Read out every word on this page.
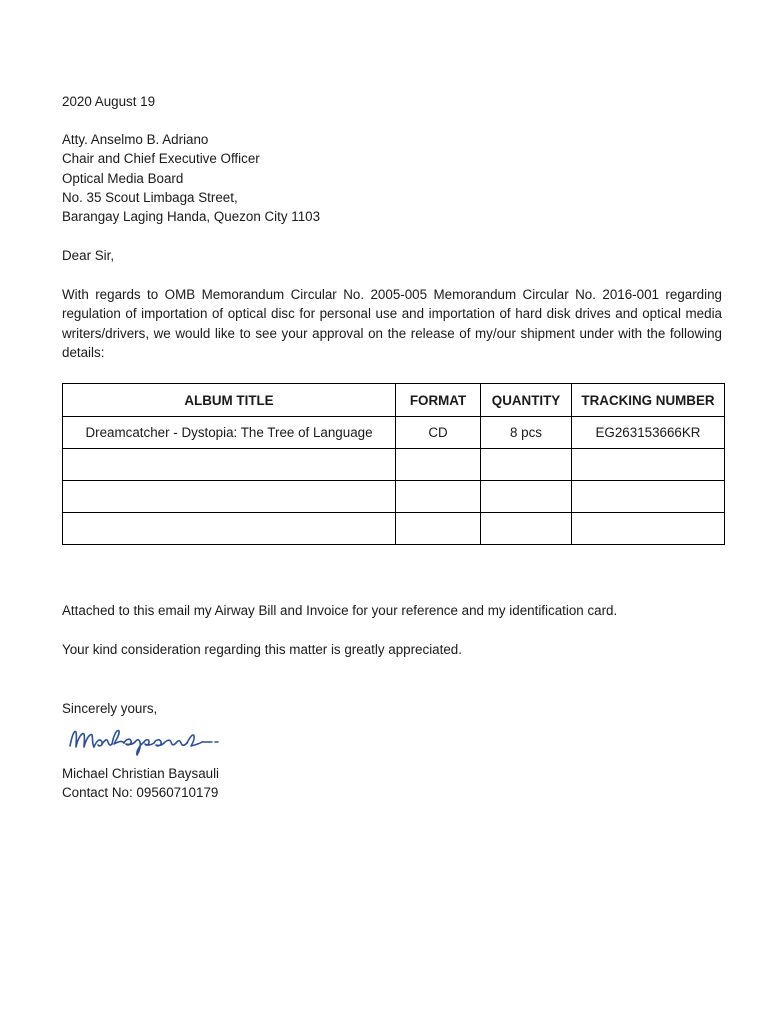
2020 August 19
Atty. Anselmo B. Adriano
Chair and Chief Executive Officer
Optical Media Board
No. 35 Scout Limbaga Street,
Barangay Laging Handa, Quezon City 1103
Dear Sir,
With regards to OMB Memorandum Circular No. 2005-005 Memorandum Circular No. 2016-001 regarding regulation of importation of optical disc for personal use and importation of hard disk drives and optical media writers/drivers, we would like to see your approval on the release of my/our shipment under with the following details:
ALBUM TITLE	FORMAT	QUANTITY	TRACKING NUMBER
Dreamcatcher - Dystopia: The Tree of Language	CD	8 pcs	EG263153666KR

Attached to this email my Airway Bill and Invoice for your reference and my identification card.
Your kind consideration regarding this matter is greatly appreciated.
Sincerely yours,
Michael Christian Baysauli
Contact No: 09560710179
